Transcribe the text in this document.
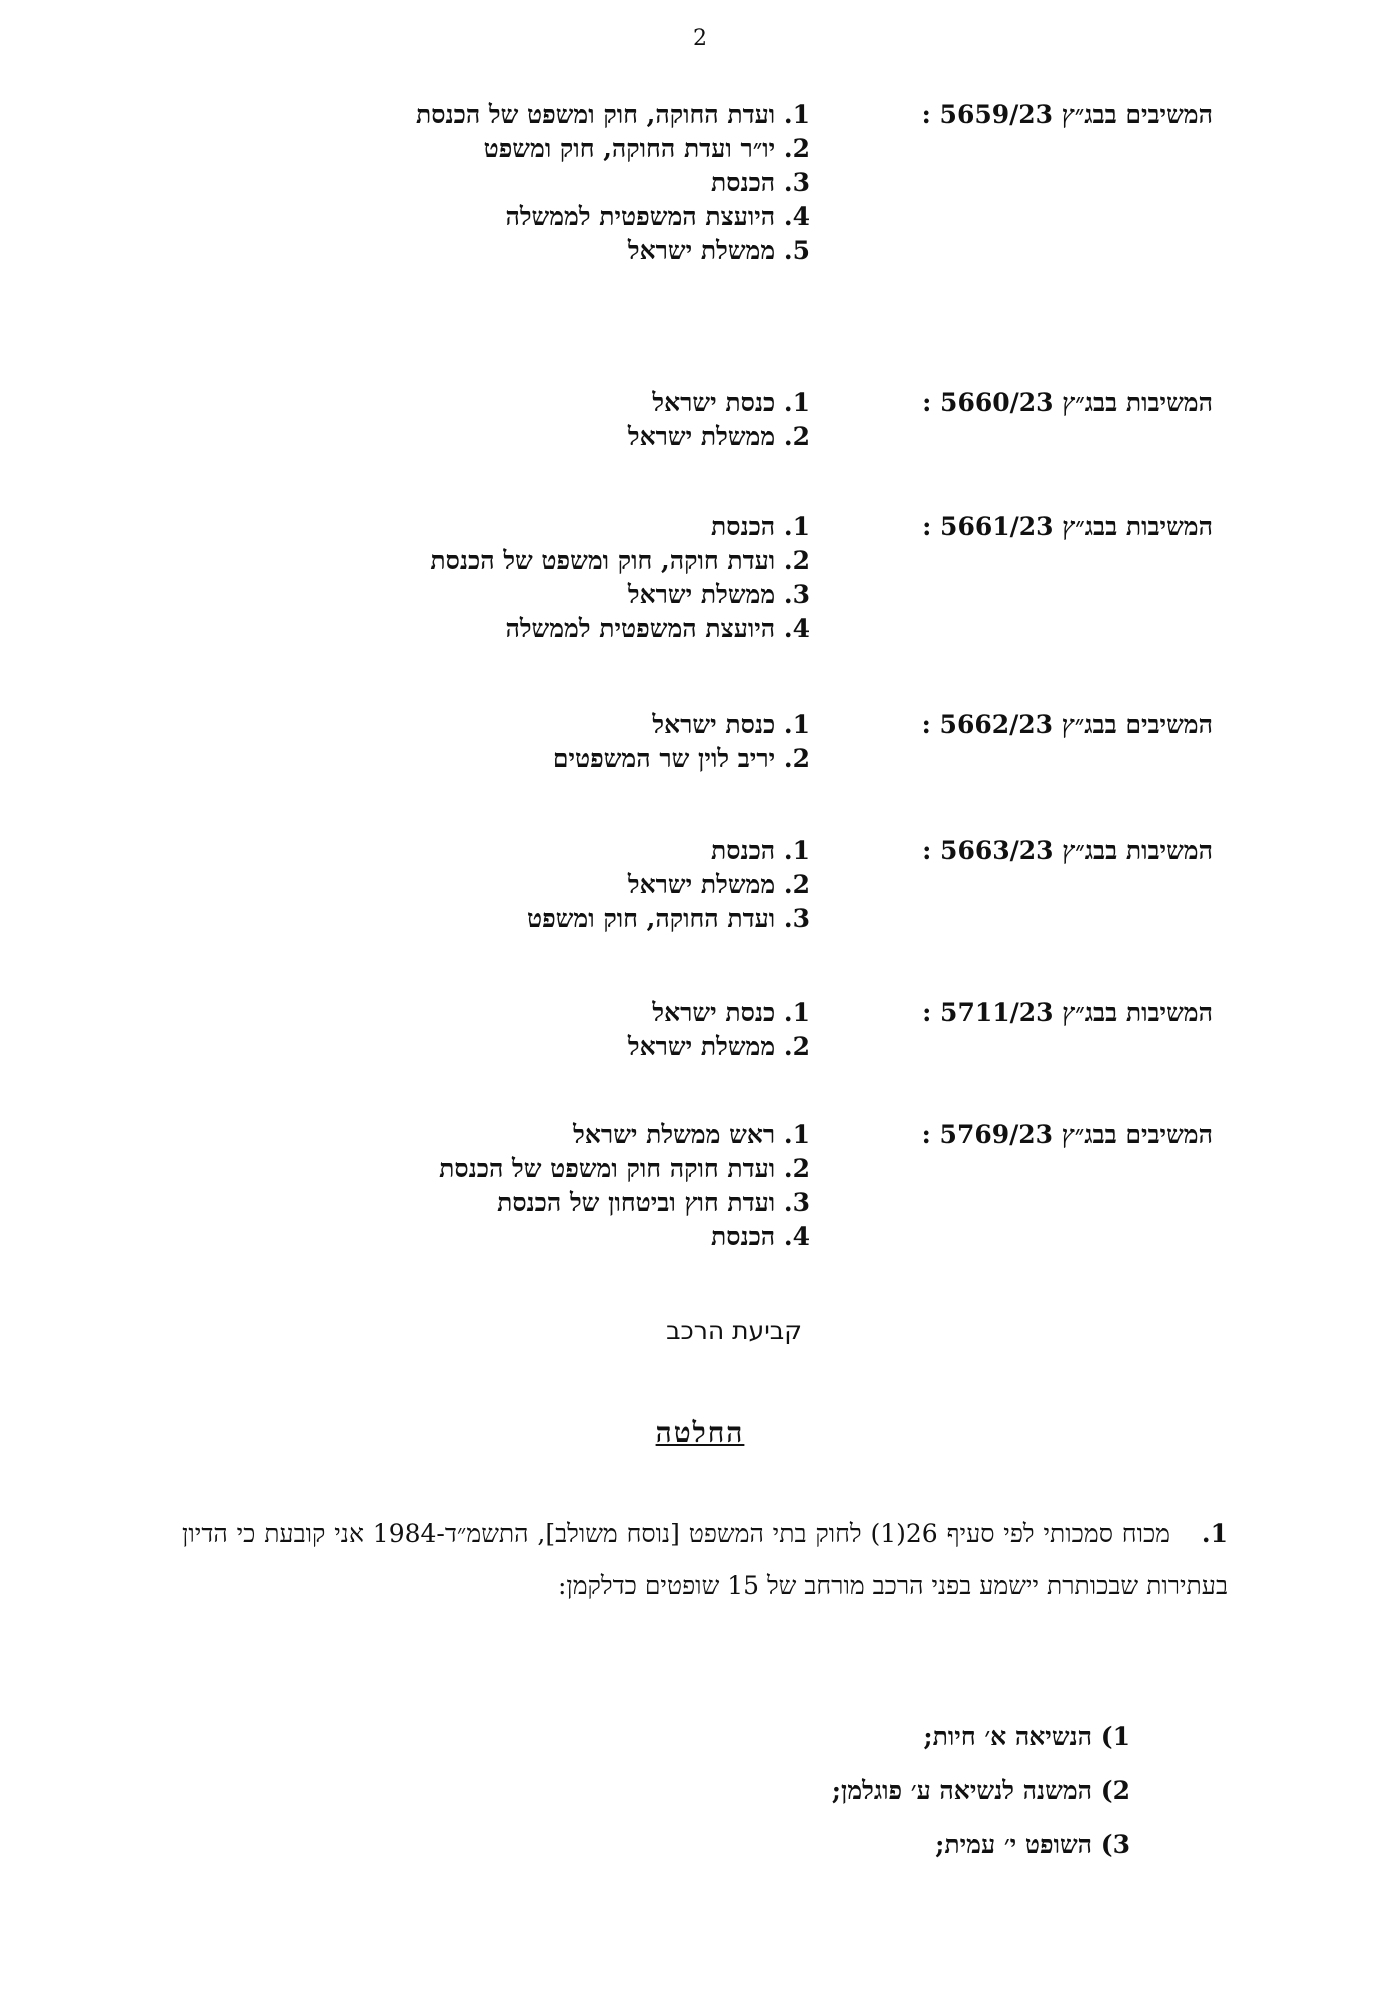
2
המשיבים בבג״ץ 5659/23 :
1. ועדת החוקה, חוק ומשפט של הכנסת
2. יו״ר ועדת החוקה, חוק ומשפט
3. הכנסת
4. היועצת המשפטית לממשלה
5. ממשלת ישראל
המשיבות בבג״ץ 5660/23 :
1. כנסת ישראל
2. ממשלת ישראל
המשיבות בבג״ץ 5661/23 :
1. הכנסת
2. ועדת חוקה, חוק ומשפט של הכנסת
3. ממשלת ישראל
4. היועצת המשפטית לממשלה
המשיבים בבג״ץ 5662/23 :
1. כנסת ישראל
2. יריב לוין שר המשפטים
המשיבות בבג״ץ 5663/23 :
1. הכנסת
2. ממשלת ישראל
3. ועדת החוקה, חוק ומשפט
המשיבות בבג״ץ 5711/23 :
1. כנסת ישראל
2. ממשלת ישראל
המשיבים בבג״ץ 5769/23 :
1. ראש ממשלת ישראל
2. ועדת חוקה חוק ומשפט של הכנסת
3. ועדת חוץ וביטחון של הכנסת
4. הכנסת
קביעת הרכב
החלטה
1.מכוח סמכותי לפי סעיף 26(1) לחוק בתי המשפט [נוסח משולב], התשמ״ד-1984 אני קובעת כי הדיון בעתירות שבכותרת יישמע בפני הרכב מורחב של 15 שופטים כדלקמן:
1) הנשיאה א׳ חיות;
2) המשנה לנשיאה ע׳ פוגלמן;
3) השופט י׳ עמית;
